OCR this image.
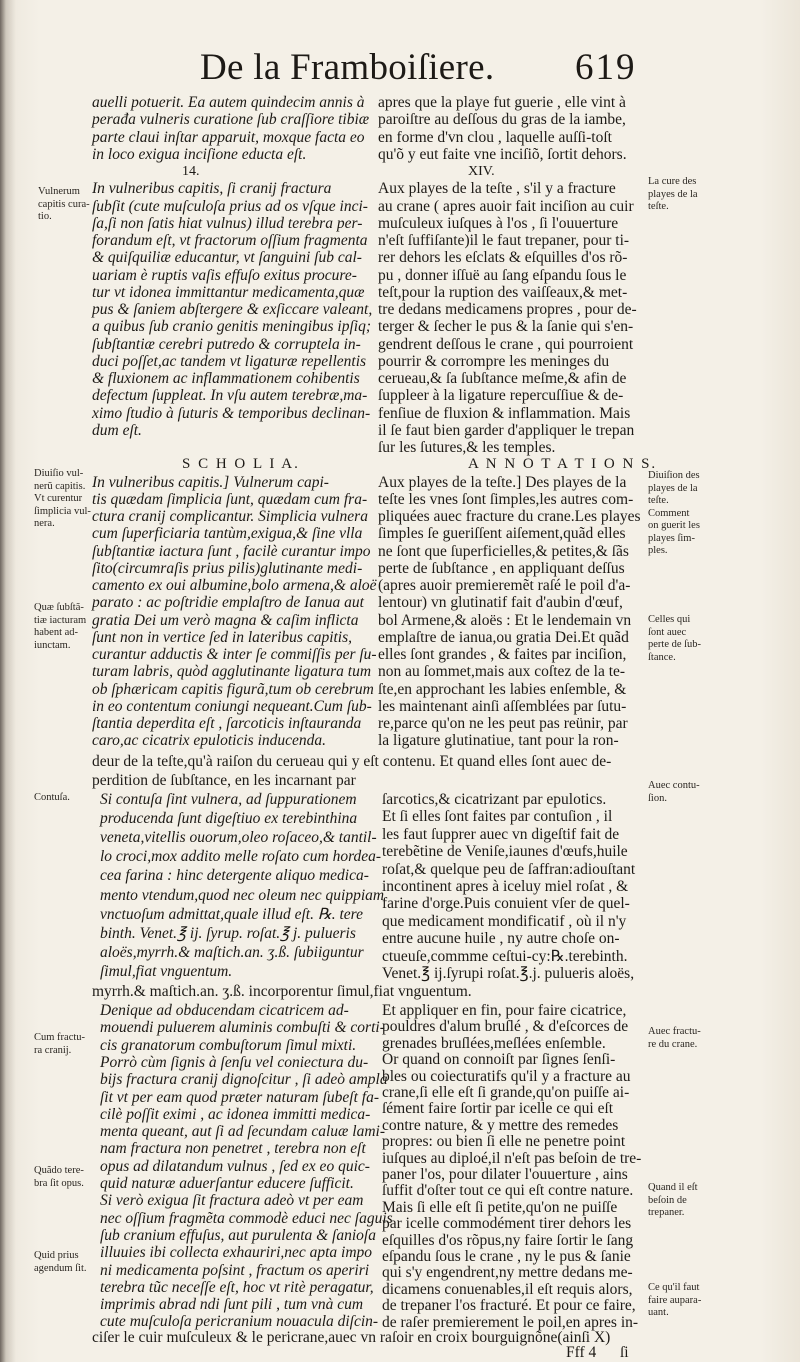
De la Framboiſiere. 619
auelli potuerit. Ea autem quindecim annis à
perađa vulneris curatione ſub craſſiore tibiæ
parte claui inſtar apparuit, moxque facta eo
in loco exigua inciſione educta eſt.
14.
In vulneribus capitis, ſi cranij fractura
ſubſit (cute muſculoſa prius ad os vſque inci-
ſa,ſi non ſatis hiat vulnus) illud terebra per-
forandum eſt, vt fractorum oſſium fragmenta
& quiſquiliæ educantur, vt ſanguini ſub cal-
uariam è ruptis vaſis effuſo exitus procure-
tur vt idonea immittantur medicamenta,quæ
pus & ſaniem abſtergere & exſiccare valeant,
a quibus ſub cranio genitis meningibus ipſiq;
ſubſtantiæ cerebri putredo & corruptela in-
duci poſſet,ac tandem vt ligaturæ repellentis
& fluxionem ac inflammationem cohibentis
defectum ſuppleat. In vſu autem terebræ,ma-
ximo ſtudio à ſuturis & temporibus declinan-
dum eſt.
S C H O L I A.
In vulneribus capitis.] Vulnerum capi-
tis quædam ſimplicia ſunt, quædam cum fra-
ctura cranij complicantur. Simplicia vulnera
cum ſuperficiaria tantùm,exigua,& ſine vlla
ſubſtantiæ iactura ſunt , facilè curantur impo
ſito(circumraſis prius pilis)glutinante medi-
camento ex oui albumine,bolo armena,& aloë
parato : ac poſtridie emplaſtro de Ianua aut
gratia Dei um verò magna & caſim inflicta
ſunt non in vertice ſed in lateribus capitis,
curantur adductis & inter ſe commiſſis per ſu-
turam labris, quòd agglutinante ligatura tum
ob ſphæricam capitis figurã,tum ob cerebrum
in eo contentum coniungi nequeant.Cum ſub-
ſtantia deperdita eſt , ſarcoticis inſtauranda
caro,ac cicatrix epuloticis inducenda.
deur de la teſte,qu'à raiſon du cerueau qui y eſt contenu. Et quand elles ſont auec de-
perdition de ſubſtance, en les incarnant par
Si contuſa ſint vulnera, ad ſuppurationem
producenda ſunt digeſtiuo ex terebinthina
veneta,vitellis ouorum,oleo roſaceo,& tantil-
lo croci,mox addito melle roſato cum hordea-
cea farina : hinc detergente aliquo medica-
mento vtendum,quod nec oleum nec quippiam
vnctuoſum admittat,quale illud eſt. ℞. tere
binth. Venet.℥ ij. ſyrup. roſat.℥ j. pulueris
aloës,myrrh.& maſtich.an. ʒ.ß. ſubiiguntur
ſimul,fiat vnguentum.
myrrh.& maſtich.an. ʒ.ß. incorporentur ſimul,fiat vnguentum.
Denique ad obducendam cicatricem ad-
mouendi puluerem aluminis combuſti & corti-
cis granatorum combuſtorum ſimul mixti.
Porrò cùm ſignis à ſenſu vel coniectura du-
bijs fractura cranij dignoſcitur , ſi adeò ampla
ſit vt per eam quod præter naturam ſubeſt fa-
cilè poſſit eximi , ac idonea immitti medica-
menta queant, aut ſi ad ſecundam caluæ lami-
nam fractura non penetret , terebra non eſt
opus ad dilatandum vulnus , ſed ex eo quic-
quid naturæ aduerſantur educere ſufficit.
Si verò exigua ſit fractura adeò vt per eam
nec oſſium fragmẽta commodè educi nec ſaguis
ſub cranium effuſus, aut purulenta & ſanioſa
illuuies ibi collecta exhauriri,nec apta impo
ni medicamenta poſsint , fractum os aperiri
terebra tũc neceſſe eſt, hoc vt ritè peragatur,
imprimis abrad ndi ſunt pili , tum vnà cum
cute muſculoſa pericranium nouacula diſcin-
apres que la playe fut guerie , elle vint à
paroiſtre au deſſous du gras de la iambe,
en forme d'vn clou , laquelle auſſi-toſt
qu'õ y eut faite vne inciſiõ, ſortit dehors.
XIV.
Aux playes de la teſte , s'il y a fracture
au crane ( apres auoir fait inciſion au cuir
muſculeux iuſques à l'os , ſi l'ouuerture
n'eſt ſuffiſante)il le faut trepaner, pour ti-
rer dehors les eſclats & eſquilles d'os rõ-
pu , donner iſſuë au ſang eſpandu ſous le
teſt,pour la ruption des vaiſſeaux,& met-
tre dedans medicamens propres , pour de-
terger & ſecher le pus & la ſanie qui s'en-
gendrent deſſous le crane , qui pourroient
pourrir & corrompre les meninges du
cerueau,& ſa ſubſtance meſme,& afin de
ſuppleer à la ligature repercuſſiue & de-
fenſiue de fluxion & inflammation. Mais
il ſe faut bien garder d'appliquer le trepan
ſur les ſutures,& les temples.
A N N O T A T I O N S.
Aux playes de la teſte.] Des playes de la
teſte les vnes ſont ſimples,les autres com-
pliquées auec fracture du crane.Les playes
ſimples ſe gueriſſent aiſement,quãd elles
ne ſont que ſuperficielles,& petites,& ſãs
perte de ſubſtance , en appliquant deſſus
(apres auoir premieremẽt raſé le poil d'a-
lentour) vn glutinatif fait d'aubin d'œuf,
bol Armene,& aloës : Et le lendemain vn
emplaſtre de ianua,ou gratia Dei.Et quãd
elles ſont grandes , & faites par inciſion,
non au ſommet,mais aux coſtez de la te-
ſte,en approchant les labies enſemble, &
les maintenant ainſi aſſemblées par ſutu-
re,parce qu'on ne les peut pas reünir, par
la ligature glutinatiue, tant pour la ron-
ſarcotics,& cicatrizant par epulotics.
Et ſi elles ſont faites par contuſion , il
les faut ſupprer auec vn digeſtif fait de
terebẽtine de Veniſe,iaunes d'œufs,huile
roſat,& quelque peu de ſaffran:adiouſtant
incontinent apres à iceluy miel roſat , &
farine d'orge.Puis conuient vſer de quel-
que medicament mondificatif , où il n'y
entre aucune huile , ny autre choſe on-
ctueuſe,commme ceſtui-cy:℞.terebinth.
Venet.℥ ij.ſyrupi roſat.℥.j. pulueris aloës,
Et appliquer en fin, pour faire cicatrice,
pouldres d'alum bruſlé , & d'eſcorces de
grenades bruſlées,meſlées enſemble.
Or quand on connoiſt par ſignes ſenſi-
bles ou coiecturatifs qu'il y a fracture au
crane,ſi elle eſt ſi grande,qu'on puiſſe ai-
ſément faire ſortir par icelle ce qui eſt
contre nature, & y mettre des remedes
propres: ou bien ſi elle ne penetre point
iuſques au diploé,il n'eſt pas beſoin de tre-
paner l'os, pour dilater l'ouuerture , ains
ſuffit d'oſter tout ce qui eſt contre nature.
Mais ſi elle eſt ſi petite,qu'on ne puiſſe
par icelle commodément tirer dehors les
eſquilles d'os rõpus,ny faire ſortir le ſang
eſpandu ſous le crane , ny le pus & ſanie
qui s'y engendrent,ny mettre dedans me-
dicamens conuenables,il eſt requis alors,
de trepaner l'os fracturé. Et pour ce faire,
de raſer premierement le poil,en apres in-
ciſer le cuir muſculeux & le pericrane,auec vn raſoir en croix bourguignõne(ainſi X)
Fff 4 ſi
Vulnerum
capitis cura-
tio.
Diuiſio vul-
nerũ capitis.
Vt curentur
ſimplicia vul-
nera.
Quæ ſubſtã-
tiæ iacturam
habent ad-
iunctam.
Contuſa.
Cum fractu-
ra cranij.
Quãdo tere-
bra ſit opus.
Quid prius
agendum ſit.
La cure des
playes de la
teſte.
Diuiſion des
playes de la
teſte.
Comment
on guerit les
playes ſim-
ples.
Celles qui
ſont auec
perte de ſub-
ſtance.
Auec contu-
ſion.
Auec fractu-
re du crane.
Quand il eſt
beſoin de
trepaner.
Ce qu'il faut
faire aupara-
uant.
